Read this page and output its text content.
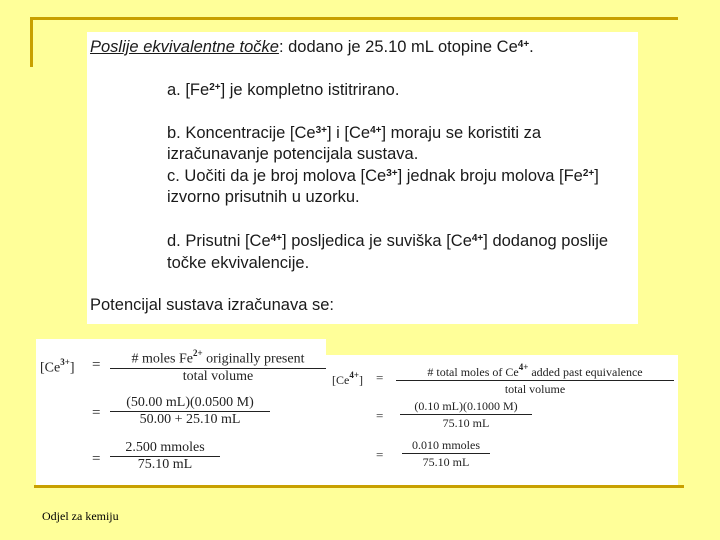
Poslije ekvivalentne točke: dodano je 25.10 mL otopine $Ce^{4+}$.

a. $[Fe^{2+}]$ je kompletno istitrirano.

b. Koncentracije $[Ce^{3+}]$ i $[Ce^{4+}]$ moraju se koristiti za

izračunavanje potencijala sustava.

c. Uočiti da je broj molova $[Ce^{3+}]$ jednak broju molova $[Fe^{2+}]$

izvorno prisutnih u uzorku.

d. Prisutni $[Ce^{4+}]$ posljedica je suviška $[Ce^{4+}]$ dodanog poslije

točke ekvivalencije.

Potencijal sustava izračunava se:

$[Ce^{3+}]$ =	# moles $Fe^{2+}$ originally present
total volume
= $\frac{(50.00 mL)(0.0500 M)}{50.00 + 25.10 mL}$
=
2.500 mmoles
75.10 mL
$[Ce^{4+}]$ =	# total moles of $Ce^{4+}$ added past equivalence
total volume
= $\frac{(0.10 mL)(0.1000 M)}{75.10 mL}$
=
0.010 mmoles
75.10 mL
Odjel za kemiju
